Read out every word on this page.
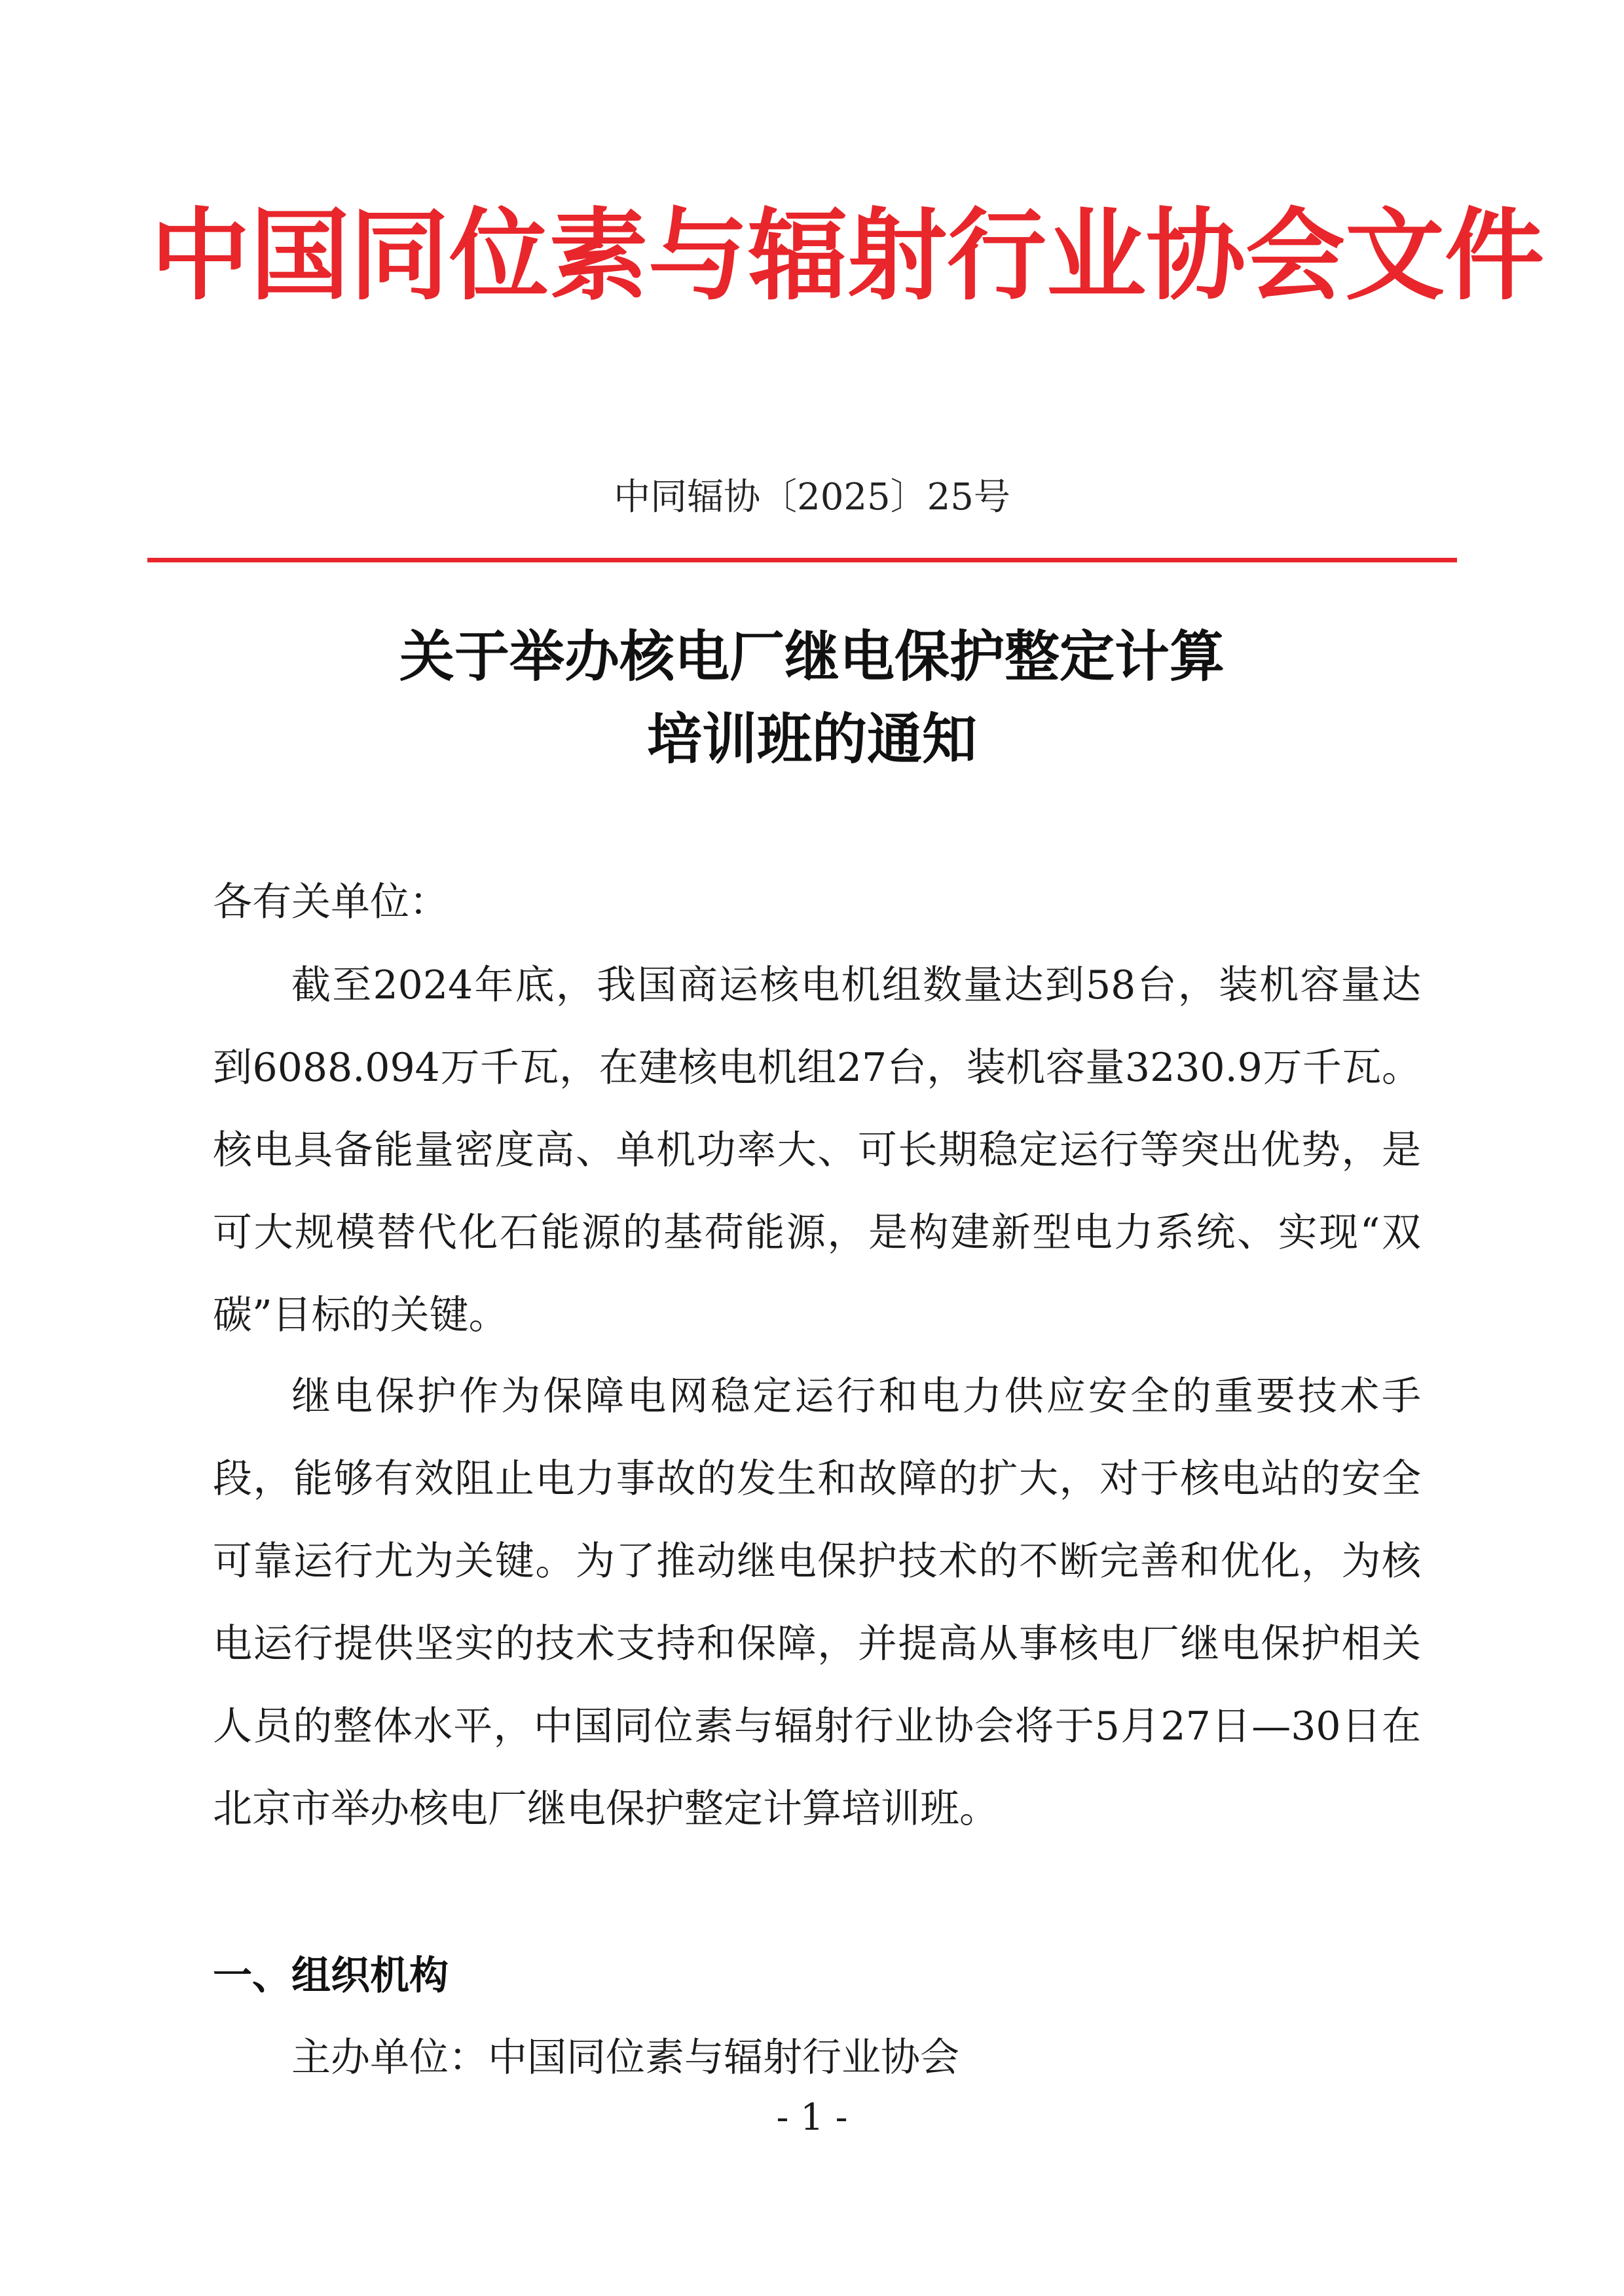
中国同位素与辐射行业协会文件
中同辐协〔2025〕25号
关于举办核电厂继电保护整定计算
培训班的通知
各有关单位：

截至2024年底，我国商运核电机组数量达到58台，装机容量达到6088.094万千瓦，在建核电机组27台，装机容量3230.9万千瓦。核电具备能量密度高、单机功率大、可长期稳定运行等突出优势，是可大规模替代化石能源的基荷能源，是构建新型电力系统、实现“双碳”目标的关键。

继电保护作为保障电网稳定运行和电力供应安全的重要技术手段，能够有效阻止电力事故的发生和故障的扩大，对于核电站的安全可靠运行尤为关键。为了推动继电保护技术的不断完善和优化，为核电运行提供坚实的技术支持和保障，并提高从事核电厂继电保护相关人员的整体水平，中国同位素与辐射行业协会将于5月27日—30日在北京市举办核电厂继电保护整定计算培训班。

一、组织机构
主办单位：中国同位素与辐射行业协会
- 1 -
